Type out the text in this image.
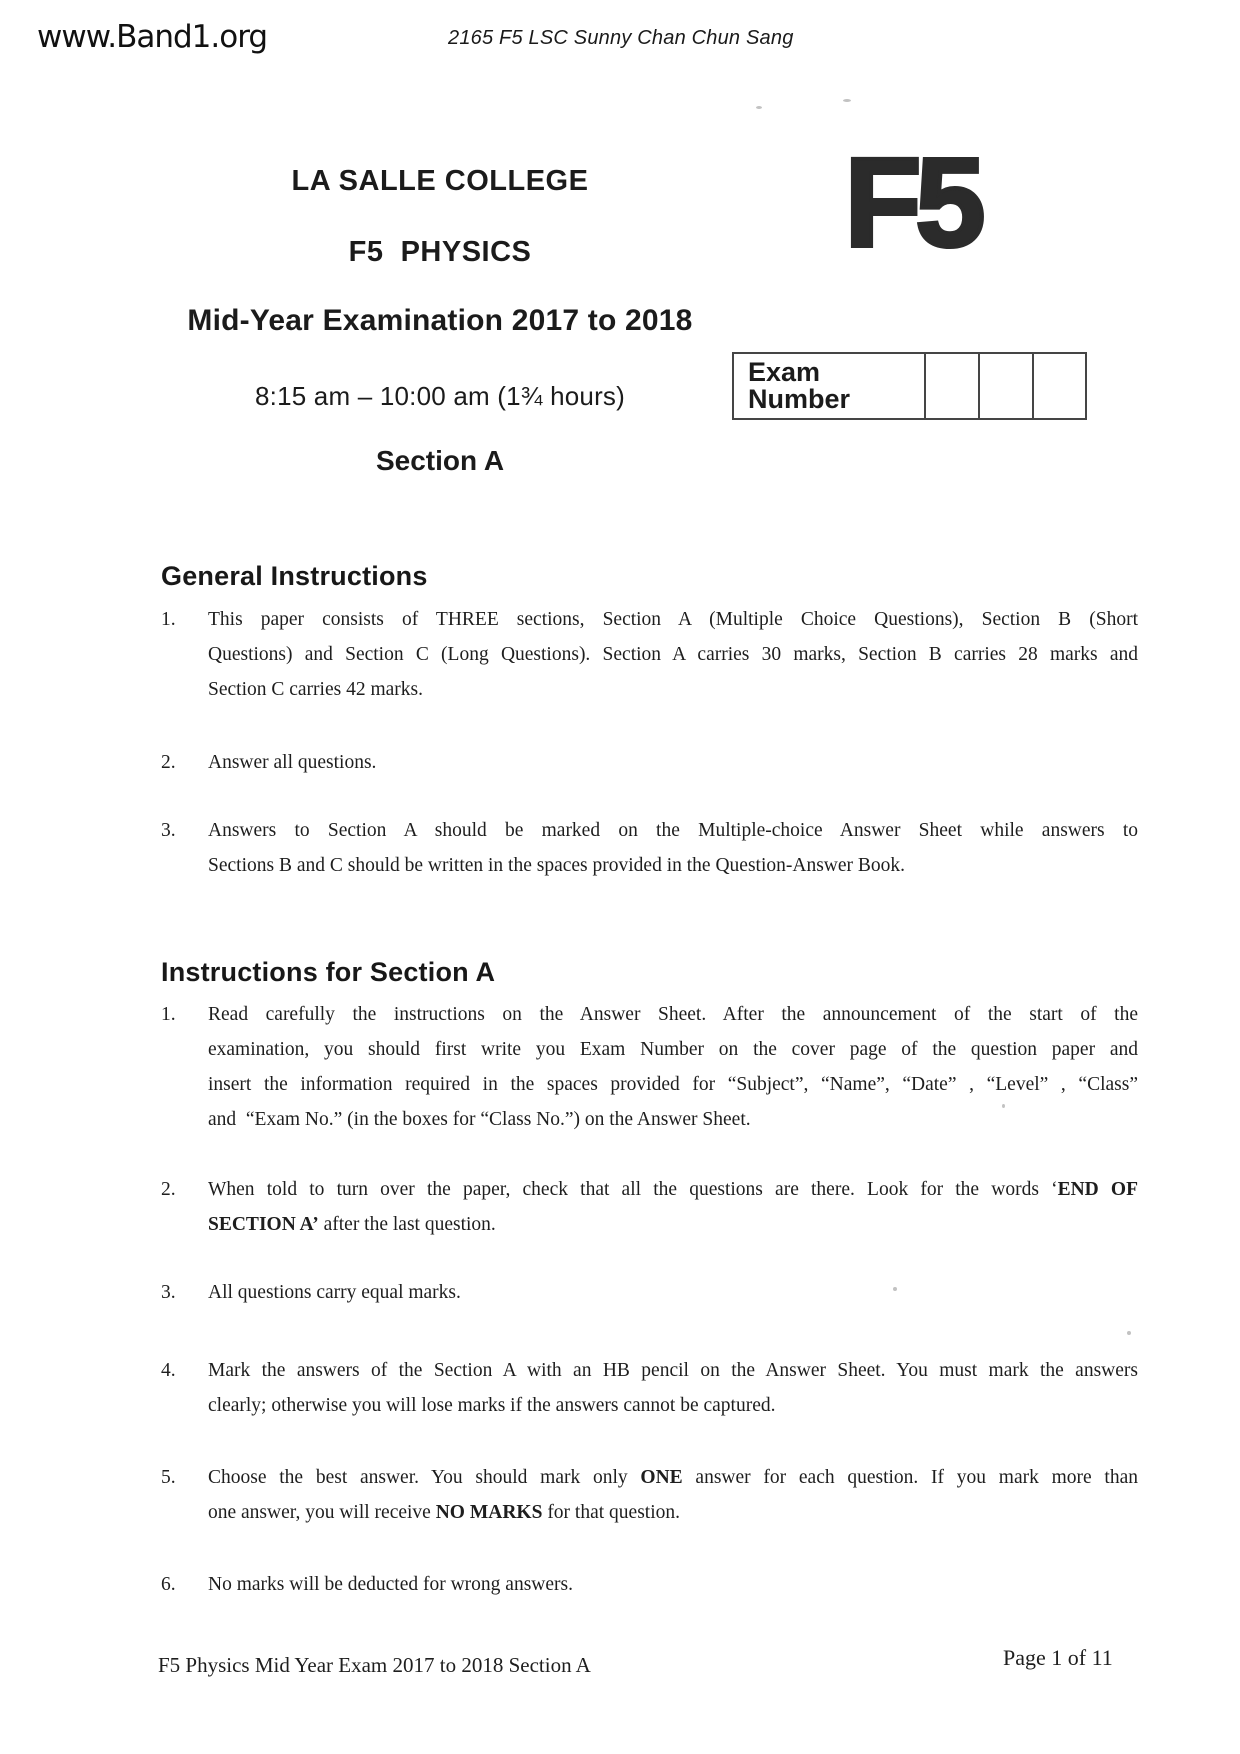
www.Band1.org	2165 F5 LSC Sunny Chan Chun Sang
LA SALLE COLLEGE
F5  PHYSICS
Mid-Year Examination 2017 to 2018
8:15 am – 10:00 am (1¾ hours)
Section A
F5
Exam Number
General Instructions
1.	This paper consists of THREE sections, Section A (Multiple Choice Questions), Section B (Short
Questions) and Section C (Long Questions). Section A carries 30 marks, Section B carries 28 marks and
Section C carries 42 marks.
2.	Answer all questions.
3.	Answers to Section A should be marked on the Multiple-choice Answer Sheet while answers to
Sections B and C should be written in the spaces provided in the Question-Answer Book.
Instructions for Section A
1.	Read carefully the instructions on the Answer Sheet. After the announcement of the start of the
examination, you should first write you Exam Number on the cover page of the question paper and
insert the information required in the spaces provided for “Subject”, “Name”, “Date” , “Level” , “Class”
and  “Exam No.” (in the boxes for “Class No.”) on the Answer Sheet.
2.	When told to turn over the paper, check that all the questions are there. Look for the words ‘END OF
SECTION A’ after the last question.
3.	All questions carry equal marks.
4.	Mark the answers of the Section A with an HB pencil on the Answer Sheet. You must mark the answers
clearly; otherwise you will lose marks if the answers cannot be captured.
5.	Choose the best answer. You should mark only ONE answer for each question. If you mark more than
one answer, you will receive NO MARKS for that question.
6.	No marks will be deducted for wrong answers.
F5 Physics Mid Year Exam 2017 to 2018 Section A	Page 1 of 11
